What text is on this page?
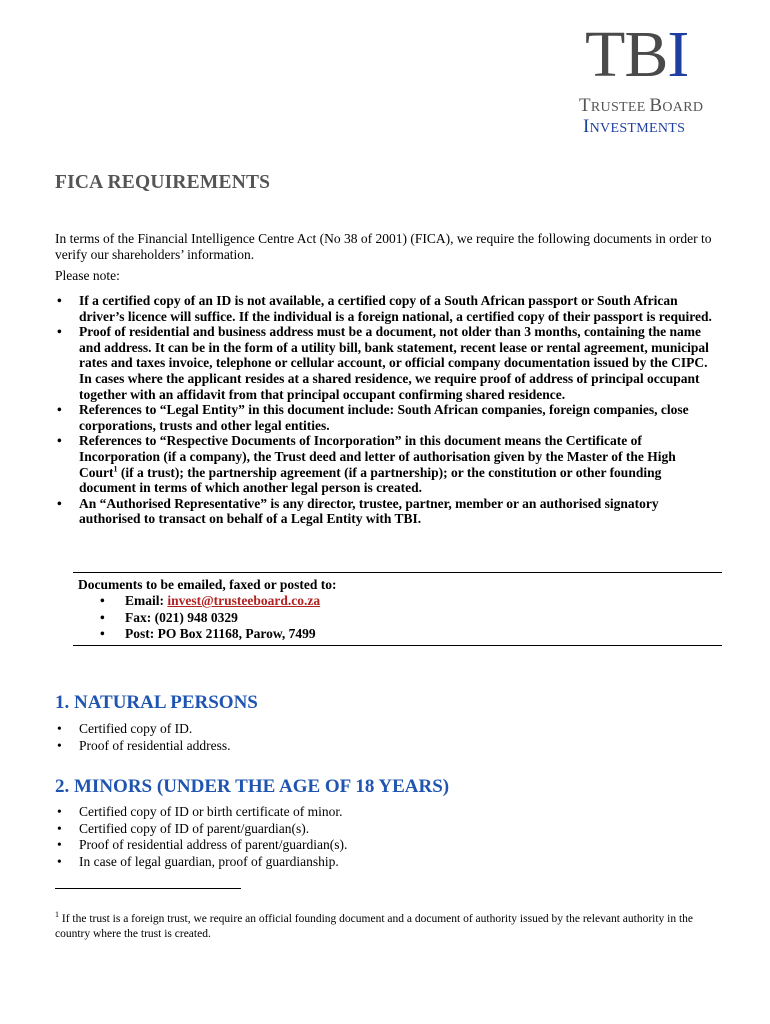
TBI
TRUSTEE BOARD
INVESTMENTS
FICA REQUIREMENTS
In terms of the Financial Intelligence Centre Act (No 38 of 2001) (FICA), we require the following documents in order to verify our shareholders’ information.
Please note:
• If a certified copy of an ID is not available, a certified copy of a South African passport or South African driver’s licence will suffice. If the individual is a foreign national, a certified copy of their passport is required.
• Proof of residential and business address must be a document, not older than 3 months, containing the name and address. It can be in the form of a utility bill, bank statement, recent lease or rental agreement, municipal rates and taxes invoice, telephone or cellular account, or official company documentation issued by the CIPC. In cases where the applicant resides at a shared residence, we require proof of address of principal occupant together with an affidavit from that principal occupant confirming shared residence.
• References to “Legal Entity” in this document include: South African companies, foreign companies, close corporations, trusts and other legal entities.
• References to “Respective Documents of Incorporation” in this document means the Certificate of Incorporation (if a company), the Trust deed and letter of authorisation given by the Master of the High Court$^1$ (if a trust); the partnership agreement (if a partnership); or the constitution or other founding document in terms of which another legal person is created.
• An “Authorised Representative” is any director, trustee, partner, member or an authorised signatory authorised to transact on behalf of a Legal Entity with TBI.
Documents to be emailed, faxed or posted to:
• Email: invest@trusteeboard.co.za
• Fax: (021) 948 0329
• Post: PO Box 21168, Parow, 7499
1. NATURAL PERSONS
• Certified copy of ID.
• Proof of residential address.
2. MINORS (UNDER THE AGE OF 18 YEARS)
• Certified copy of ID or birth certificate of minor.
• Certified copy of ID of parent/guardian(s).
• Proof of residential address of parent/guardian(s).
• In case of legal guardian, proof of guardianship.
$^1$ If the trust is a foreign trust, we require an official founding document and a document of authority issued by the relevant authority in the country where the trust is created.
